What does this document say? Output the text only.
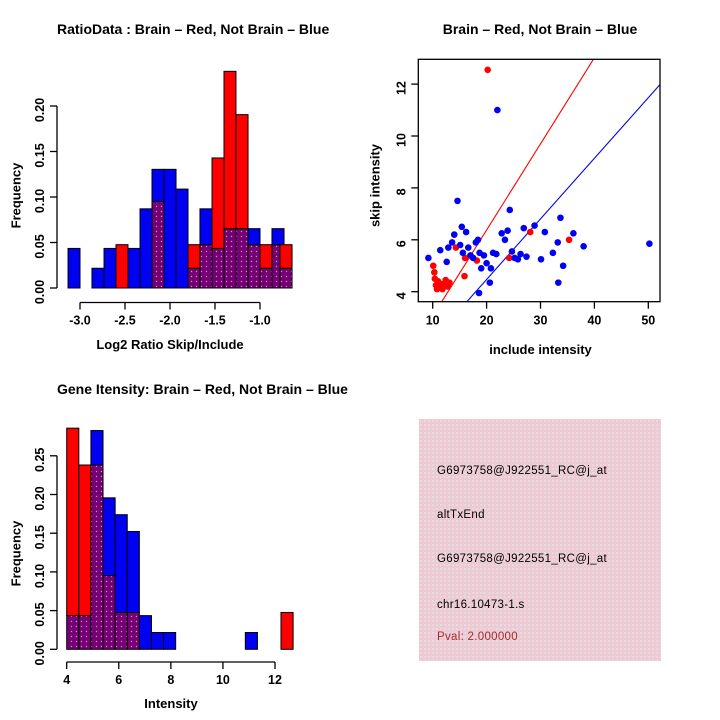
0.00
0.05
0.10
0.15
0.20
-3.0 -2.5 -2.0 -1.5 -1.0
RatioData : Brain – Red, Not Brain – Blue
Log2 Ratio Skip/Include
Frequency
10	20	30	40	50
4
6
8
10
12
Brain – Red, Not Brain – Blue
include intensity
skip intensity
0.00
0.05
0.10
0.15
0.20
0.25
4	6	8	10	12
Gene Itensity: Brain – Red, Not Brain – Blue
Intensity
Frequency
G6973758@J922551_RC@j_at
altTxEnd
G6973758@J922551_RC@j_at
chr16.10473-1.s
Pval: 2.000000
